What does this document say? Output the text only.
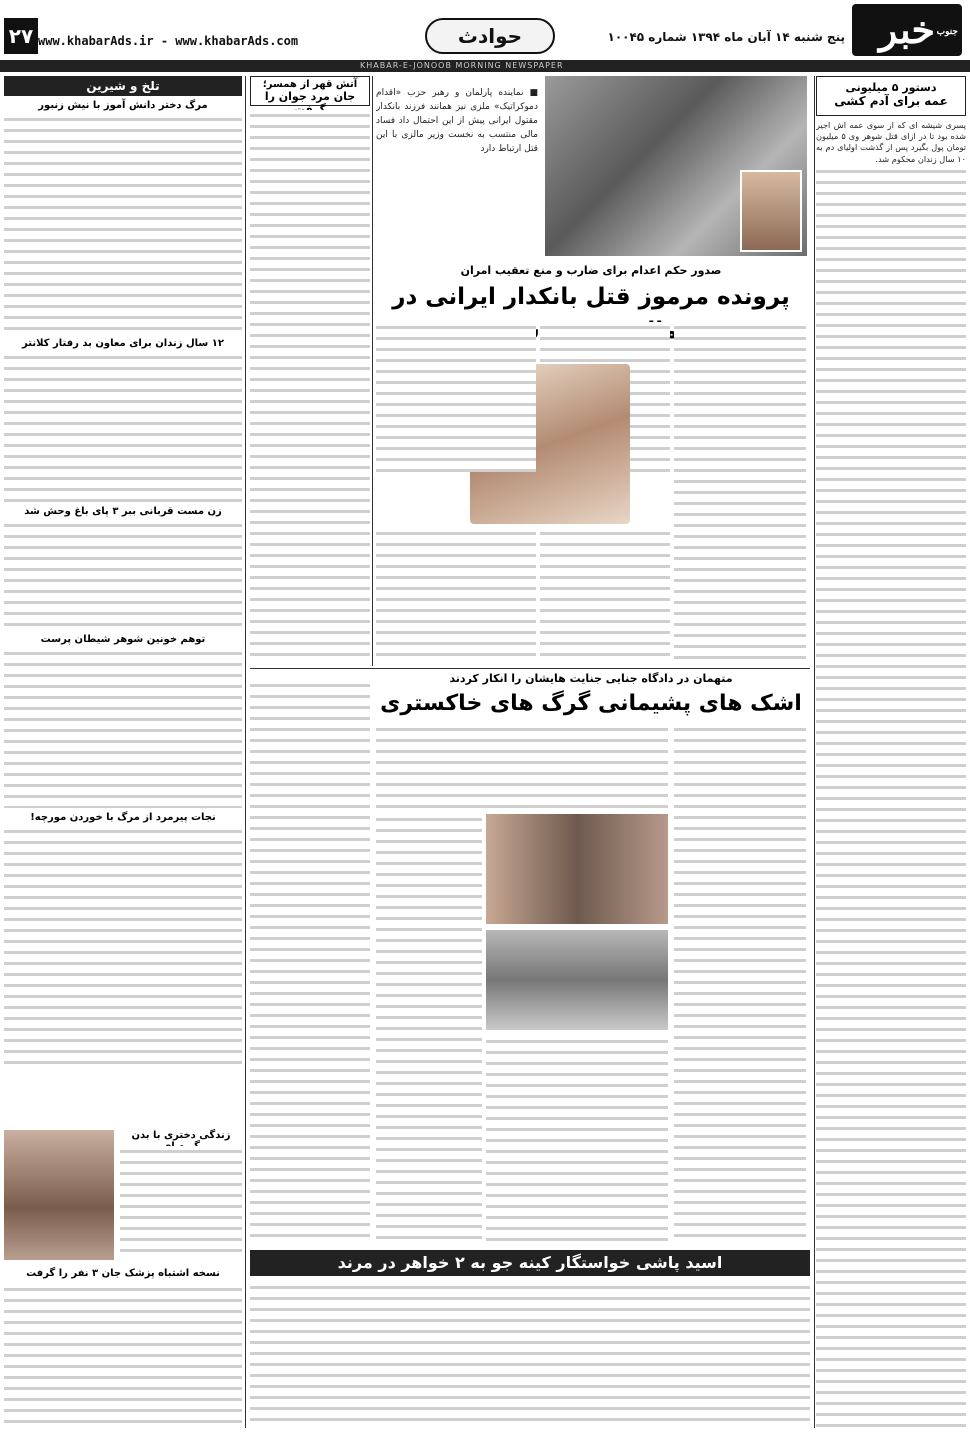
جنوب
خبر
پنج شنبه ۱۴ آبان ماه ۱۳۹۴ شماره ۱۰۰۴۵
حوادث
www.khabarAds.ir - www.khabarAds.com
۲۷
KHABAR-E-JONOOB MORNING NEWSPAPER
دستور ۵ میلیونی
عمه برای آدم کشی
پسری شیشه ای که از سوی عمه اش اجیر شده بود تا در ازای قتل شوهر وی ۵ میلیون تومان پول بگیرد پس از گذشت اولیای دم به ۱۰ سال زندان محکوم شد.
■ نماینده پارلمان و رهبر حزب «اقدام دموکراتیک» ملزی نیز همانند فرزند بانکدار مقتول ایرانی پیش از این احتمال داد فساد مالی منتسب به نخست وزیر مالزی با این قتل ارتباط دارد
صدور حکم اعدام برای ضارب و منع تعقیب امران
پرونده مرموز قتل بانکدار ایرانی در
آتش قهر از همسر؛
جان مرد جوان را
تلخ و شیرین
مرگ دختر دانش آموز با نیش زنبور
۱۲ سال زندان برای معاون بد رفتار کلانتر
زن مست قربانی ببر ۳ پای باغ وحش شد
توهم خونین شوهر شیطان پرست
نجات پیرمرد از مرگ با خوردن مورچه!
زندگی دختری با بدن
نسخه اشتباه پزشک جان ۳ نفر را گرفت
متهمان در دادگاه جنایی جنایت هایشان را انکار کردند
اشک های پشیمانی گرگ های خاکستری
اسید پاشی خواستگار کینه جو به ۲ خواهر در مرند
